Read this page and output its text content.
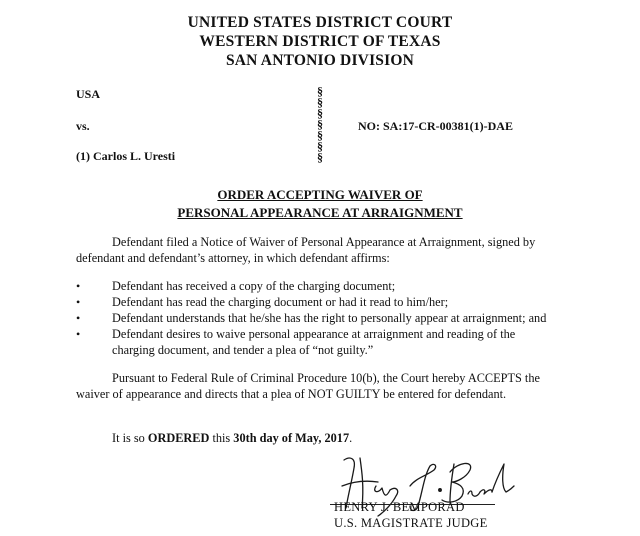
UNITED STATES DISTRICT COURT
WESTERN DISTRICT OF TEXAS
SAN ANTONIO DIVISION
USA
vs.
(1) Carlos L. Uresti
NO: SA:17-CR-00381(1)-DAE
§
§
§
§
§
§
§
ORDER ACCEPTING WAIVER OF
PERSONAL APPEARANCE AT ARRAIGNMENT
Defendant filed a Notice of Waiver of Personal Appearance at Arraignment, signed by
defendant and defendant’s attorney, in which defendant affirms:
•	Defendant has received a copy of the charging document;
•	Defendant has read the charging document or had it read to him/her;
•	Defendant understands that he/she has the right to personally appear at arraignment; and
•	Defendant desires to waive personal appearance at arraignment and reading of the
charging document, and tender a plea of “not guilty.”
Pursuant to Federal Rule of Criminal Procedure 10(b), the Court hereby ACCEPTS the
waiver of appearance and directs that a plea of NOT GUILTY be entered for defendant.
It is so ORDERED this 30th day of May, 2017.
HENRY J. BEMPORAD
U.S. MAGISTRATE JUDGE
